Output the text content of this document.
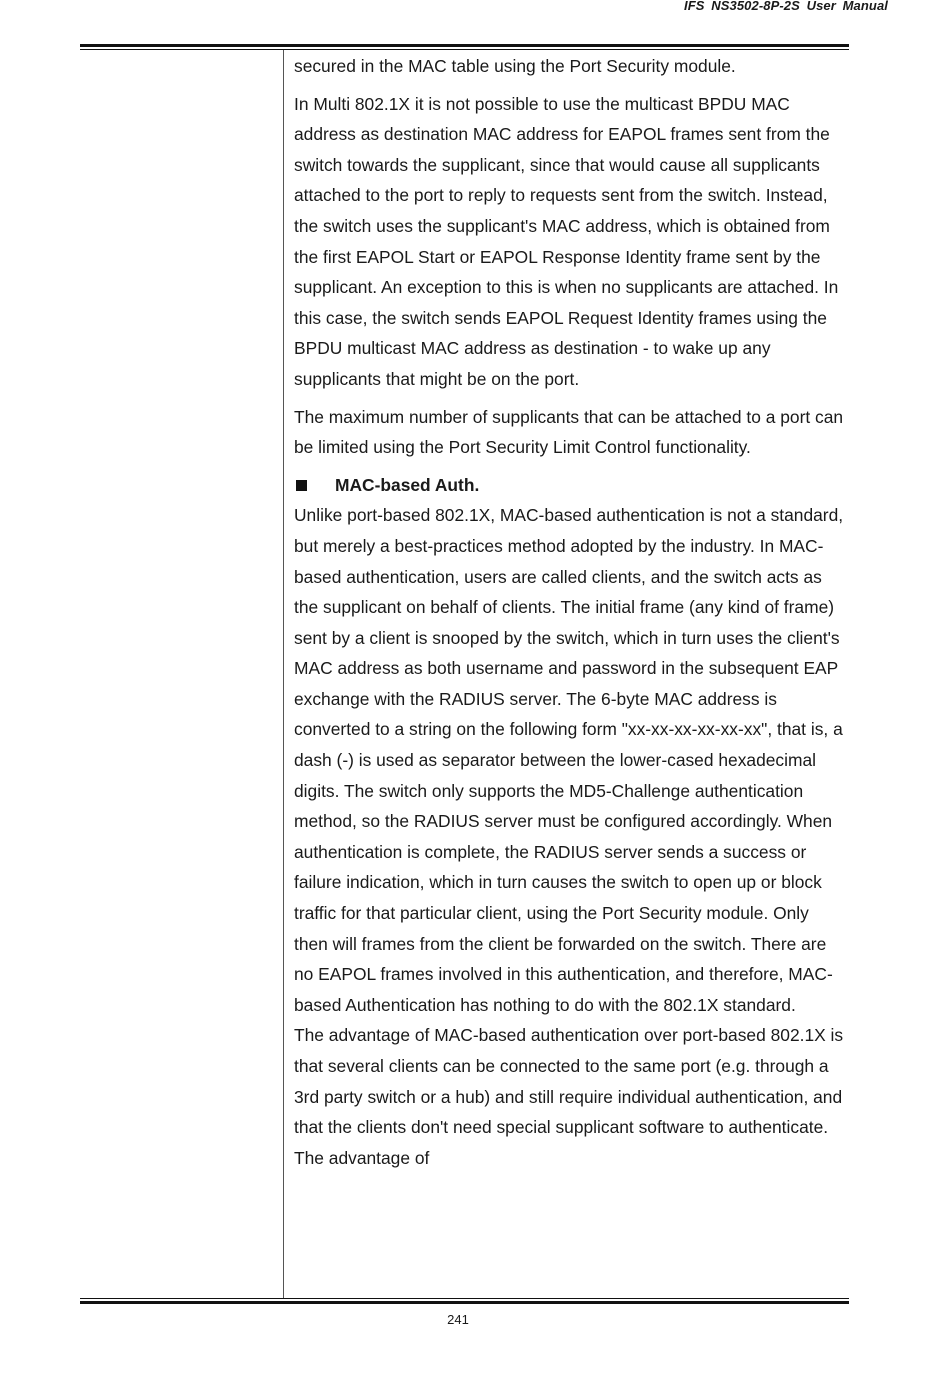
IFS NS3502-8P-2S User Manual

secured in the MAC table using the Port Security module.

In Multi 802.1X it is not possible to use the multicast BPDU MAC address as destination MAC address for EAPOL frames sent from the switch towards the supplicant, since that would cause all supplicants attached to the port to reply to requests sent from the switch. Instead, the switch uses the supplicant's MAC address, which is obtained from the first EAPOL Start or EAPOL Response Identity frame sent by the supplicant. An exception to this is when no supplicants are attached. In this case, the switch sends EAPOL Request Identity frames using the BPDU multicast MAC address as destination - to wake up any supplicants that might be on the port.

The maximum number of supplicants that can be attached to a port can be limited using the Port Security Limit Control functionality.

MAC-based Auth.

Unlike port-based 802.1X, MAC-based authentication is not a standard, but merely a best-practices method adopted by the industry. In MAC-based authentication, users are called clients, and the switch acts as the supplicant on behalf of clients. The initial frame (any kind of frame) sent by a client is snooped by the switch, which in turn uses the client's MAC address as both username and password in the subsequent EAP exchange with the RADIUS server. The 6-byte MAC address is converted to a string on the following form "xx-xx-xx-xx-xx-xx", that is, a dash (-) is used as separator between the lower-cased hexadecimal digits. The switch only supports the MD5-Challenge authentication method, so the RADIUS server must be configured accordingly. When authentication is complete, the RADIUS server sends a success or failure indication, which in turn causes the switch to open up or block traffic for that particular client, using the Port Security module. Only then will frames from the client be forwarded on the switch. There are no EAPOL frames involved in this authentication, and therefore, MAC-based Authentication has nothing to do with the 802.1X standard.

The advantage of MAC-based authentication over port-based 802.1X is that several clients can be connected to the same port (e.g. through a 3rd party switch or a hub) and still require individual authentication, and that the clients don't need special supplicant software to authenticate. The advantage of

241
